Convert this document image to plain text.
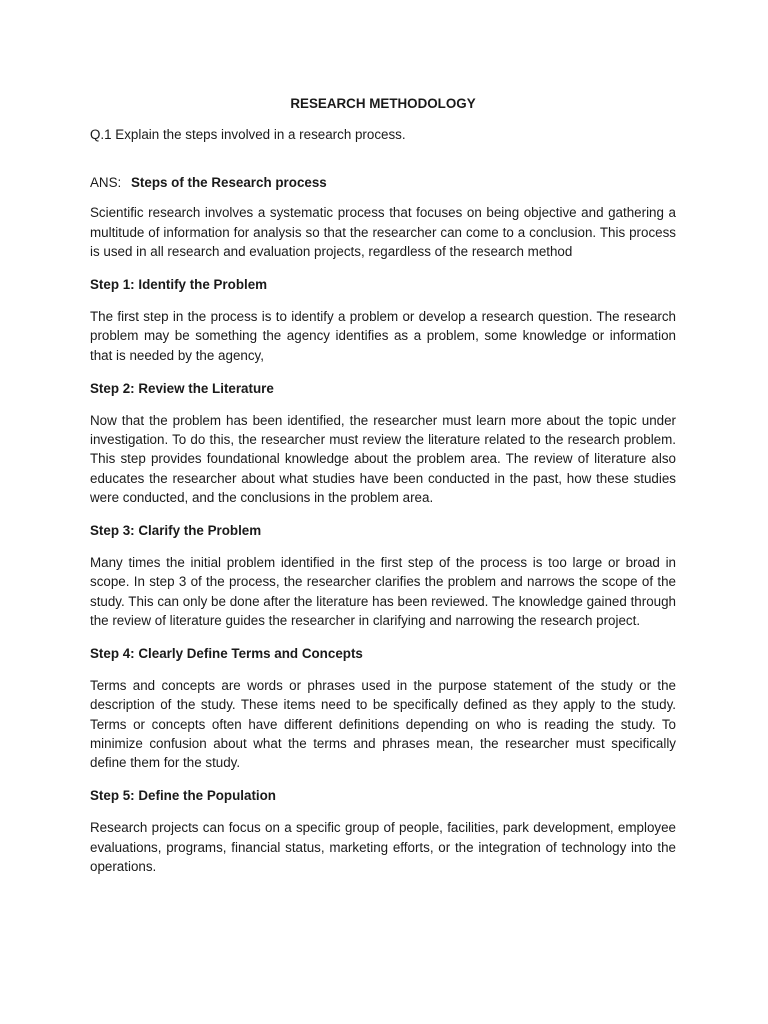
RESEARCH METHODOLOGY
Q.1 Explain the steps involved in a research process.
ANS: Steps of the Research process
Scientific research involves a systematic process that focuses on being objective and gathering a multitude of information for analysis so that the researcher can come to a conclusion. This process is used in all research and evaluation projects, regardless of the research method
Step 1: Identify the Problem
The first step in the process is to identify a problem or develop a research question. The research problem may be something the agency identifies as a problem, some knowledge or information that is needed by the agency,
Step 2: Review the Literature
Now that the problem has been identified, the researcher must learn more about the topic under investigation. To do this, the researcher must review the literature related to the research problem. This step provides foundational knowledge about the problem area. The review of literature also educates the researcher about what studies have been conducted in the past, how these studies were conducted, and the conclusions in the problem area.
Step 3: Clarify the Problem
Many times the initial problem identified in the first step of the process is too large or broad in scope. In step 3 of the process, the researcher clarifies the problem and narrows the scope of the study. This can only be done after the literature has been reviewed. The knowledge gained through the review of literature guides the researcher in clarifying and narrowing the research project.
Step 4: Clearly Define Terms and Concepts
Terms and concepts are words or phrases used in the purpose statement of the study or the description of the study. These items need to be specifically defined as they apply to the study. Terms or concepts often have different definitions depending on who is reading the study. To minimize confusion about what the terms and phrases mean, the researcher must specifically define them for the study.
Step 5: Define the Population
Research projects can focus on a specific group of people, facilities, park development, employee evaluations, programs, financial status, marketing efforts, or the integration of technology into the operations.
